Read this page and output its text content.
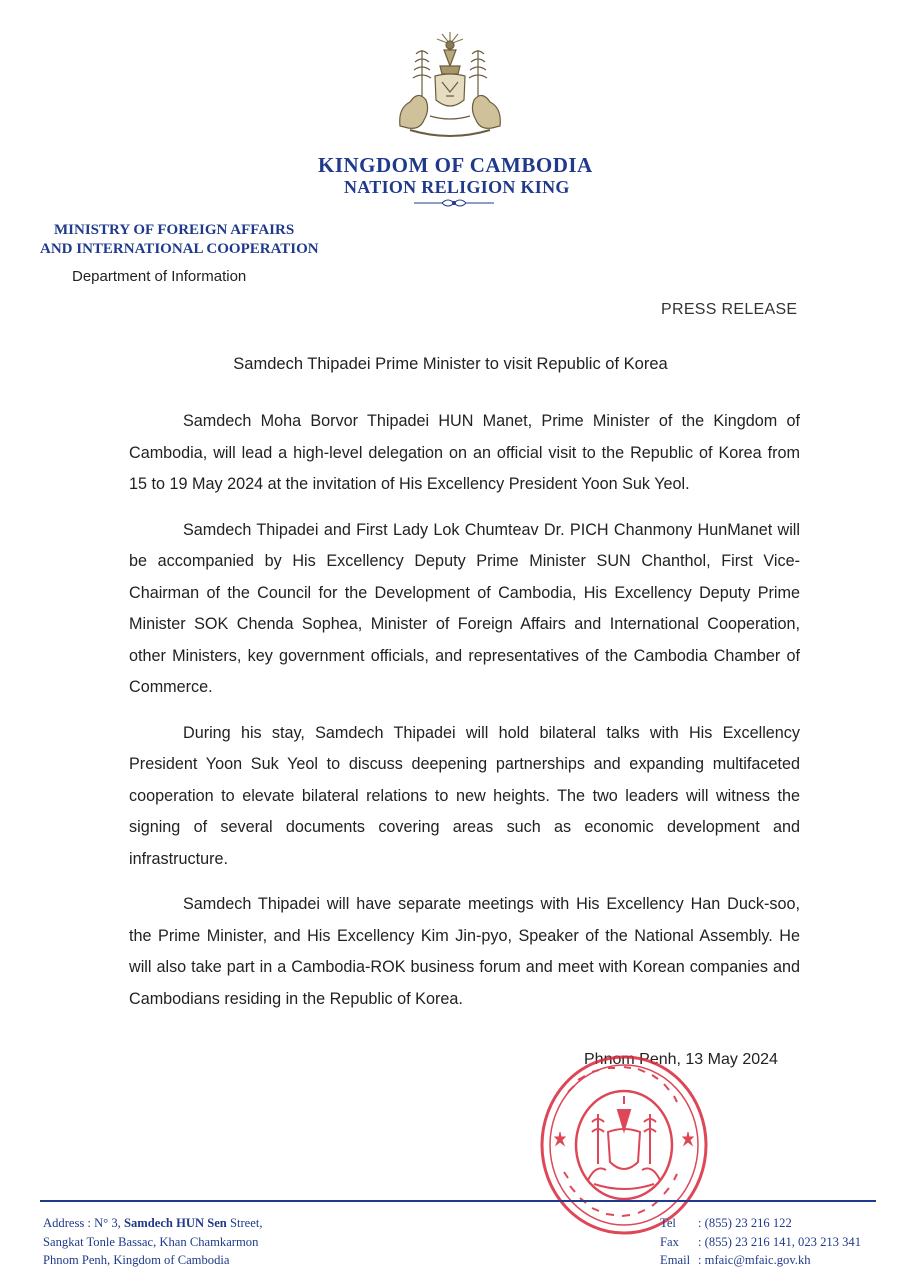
KINGDOM OF CAMBODIA
NATION RELIGION KING
MINISTRY OF FOREIGN AFFAIRS
AND INTERNATIONAL COOPERATION
Department of Information
PRESS RELEASE
Samdech Thipadei Prime Minister to visit Republic of Korea

Samdech Moha Borvor Thipadei HUN Manet, Prime Minister of the Kingdom of Cambodia, will lead a high-level delegation on an official visit to the Republic of Korea from 15 to 19 May 2024 at the invitation of His Excellency President Yoon Suk Yeol.

Samdech Thipadei and First Lady Lok Chumteav Dr. PICH Chanmony HunManet will be accompanied by His Excellency Deputy Prime Minister SUN Chanthol, First Vice-Chairman of the Council for the Development of Cambodia, His Excellency Deputy Prime Minister SOK Chenda Sophea, Minister of Foreign Affairs and International Cooperation, other Ministers, key government officials, and representatives of the Cambodia Chamber of Commerce.

During his stay, Samdech Thipadei will hold bilateral talks with His Excellency President Yoon Suk Yeol to discuss deepening partnerships and expanding multifaceted cooperation to elevate bilateral relations to new heights. The two leaders will witness the signing of several documents covering areas such as economic development and infrastructure.

Samdech Thipadei will have separate meetings with His Excellency Han Duck-soo, the Prime Minister, and His Excellency Kim Jin-pyo, Speaker of the National Assembly. He will also take part in a Cambodia-ROK business forum and meet with Korean companies and Cambodians residing in the Republic of Korea.

Phnom Penh, 13 May 2024
Address : N° 3, Samdech HUN Sen Street,
Sangkat Tonle Bassac, Khan Chamkarmon
Phnom Penh, Kingdom of Cambodia
Tel : (855) 23 216 122
Fax : (855) 23 216 141, 023 213 341
Email : mfaic@mfaic.gov.kh
